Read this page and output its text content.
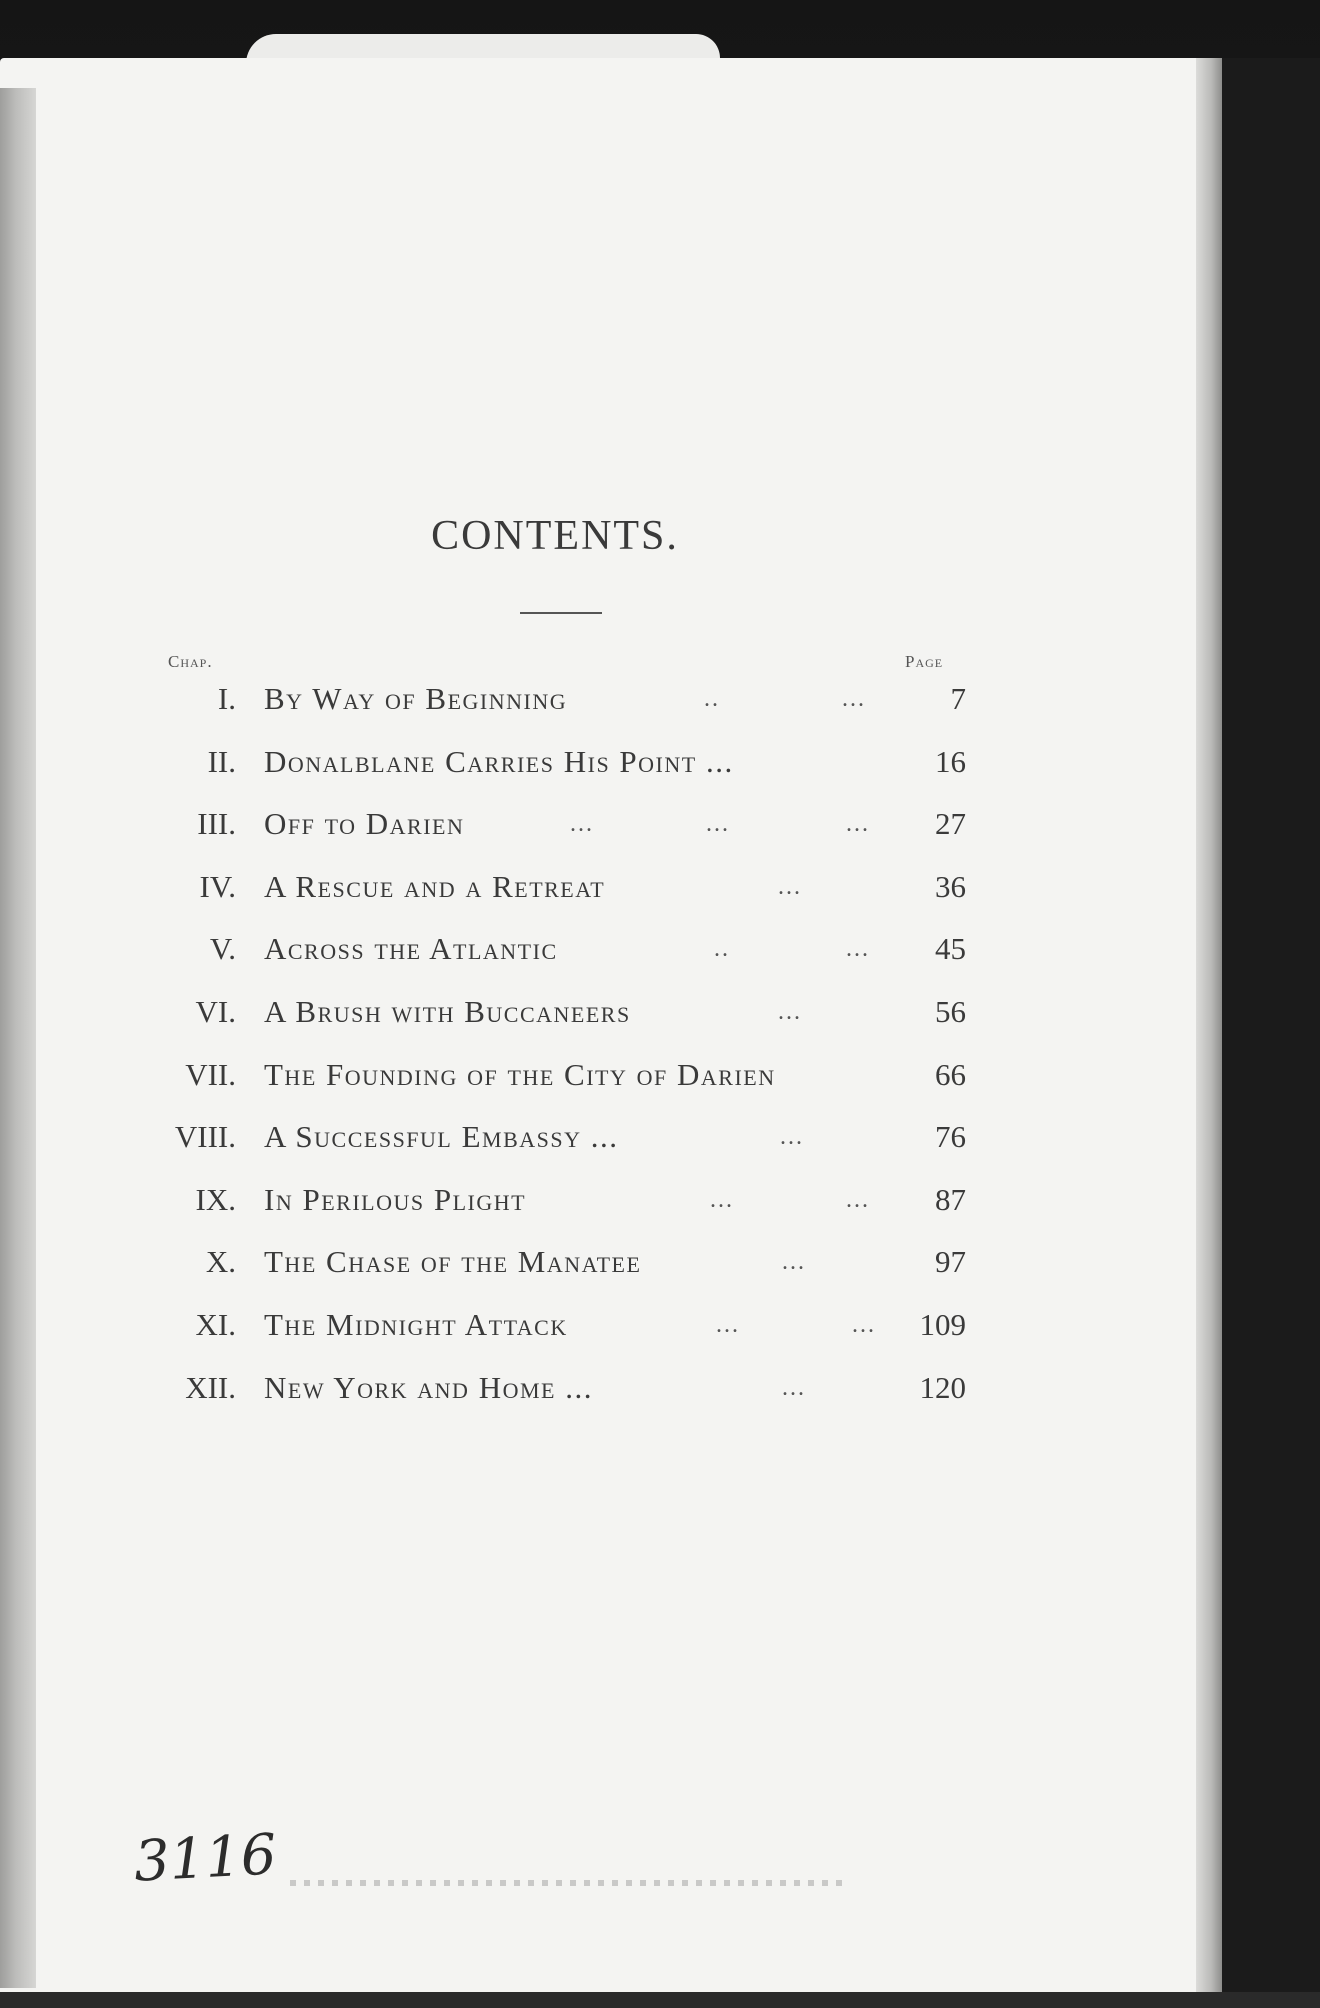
CONTENTS.
Chap.	Page
I. By Way of Beginning	..	...	7
II. Donalblane Carries His Point ...	16
III. Off to Darien	...	...	... 27
IV. A Rescue and a Retreat	...	36
V. Across the Atlantic	..	... 45
VI. A Brush with Buccaneers	...	56
VII. The Founding of the City of Darien	66
VIII. A Successful Embassy ...	...	76
IX. In Perilous Plight	...	... 87
X. The Chase of the Manatee	...	97
XI. The Midnight Attack	...	... 109
XII. New York and Home ...	...	120
3116
